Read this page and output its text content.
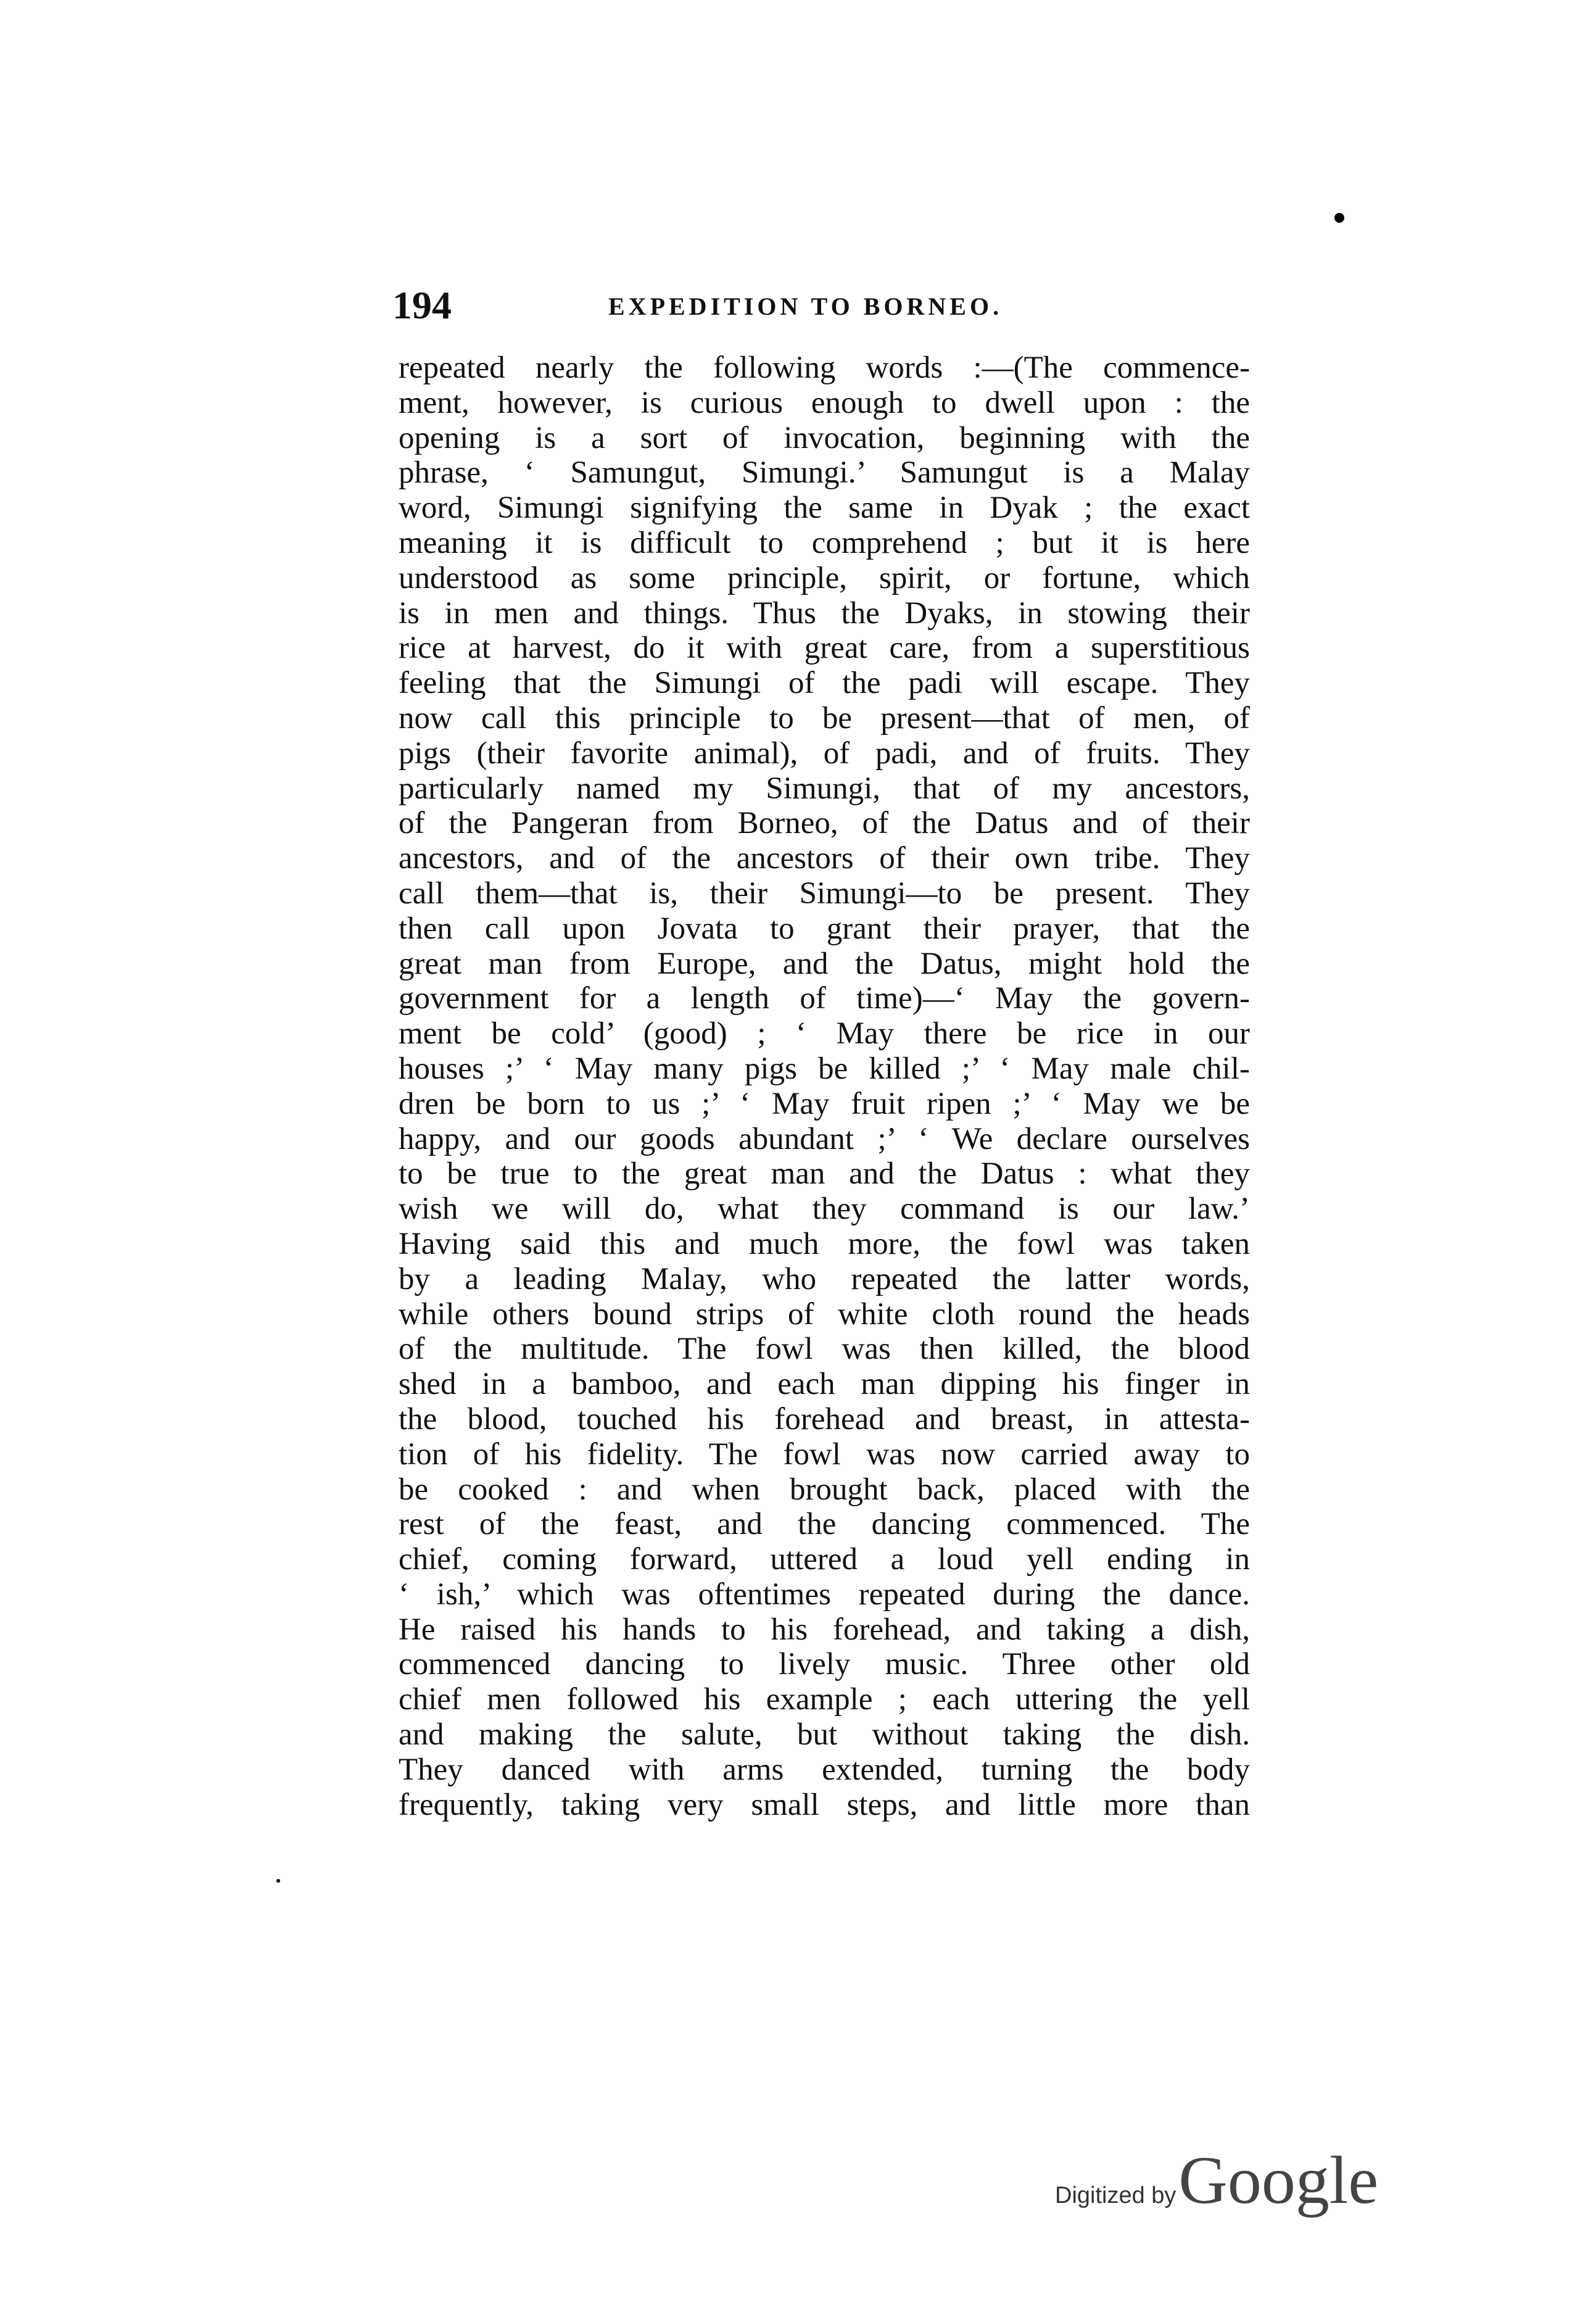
194	EXPEDITION TO BORNEO.
repeated nearly the following words :—(The commence-
ment, however, is curious enough to dwell upon : the
opening is a sort of invocation, beginning with the
phrase, ‘ Samungut, Simungi.’ Samungut is a Malay
word, Simungi signifying the same in Dyak ; the exact
meaning it is difficult to comprehend ; but it is here
understood as some principle, spirit, or fortune, which
is in men and things. Thus the Dyaks, in stowing their
rice at harvest, do it with great care, from a superstitious
feeling that the Simungi of the padi will escape. They
now call this principle to be present—that of men, of
pigs (their favorite animal), of padi, and of fruits. They
particularly named my Simungi, that of my ancestors,
of the Pangeran from Borneo, of the Datus and of their
ancestors, and of the ancestors of their own tribe. They
call them—that is, their Simungi—to be present. They
then call upon Jovata to grant their prayer, that the
great man from Europe, and the Datus, might hold the
government for a length of time)—‘ May the govern-
ment be cold’ (good) ; ‘ May there be rice in our
houses ;’ ‘ May many pigs be killed ;’ ‘ May male chil-
dren be born to us ;’ ‘ May fruit ripen ;’ ‘ May we be
happy, and our goods abundant ;’ ‘ We declare ourselves
to be true to the great man and the Datus : what they
wish we will do, what they command is our law.’
Having said this and much more, the fowl was taken
by a leading Malay, who repeated the latter words,
while others bound strips of white cloth round the heads
of the multitude. The fowl was then killed, the blood
shed in a bamboo, and each man dipping his finger in
the blood, touched his forehead and breast, in attesta-
tion of his fidelity. The fowl was now carried away to
be cooked : and when brought back, placed with the
rest of the feast, and the dancing commenced. The
chief, coming forward, uttered a loud yell ending in
‘ ish,’ which was oftentimes repeated during the dance.
He raised his hands to his forehead, and taking a dish,
commenced dancing to lively music. Three other old
chief men followed his example ; each uttering the yell
and making the salute, but without taking the dish.
They danced with arms extended, turning the body
frequently, taking very small steps, and little more than
Digitized by Google
